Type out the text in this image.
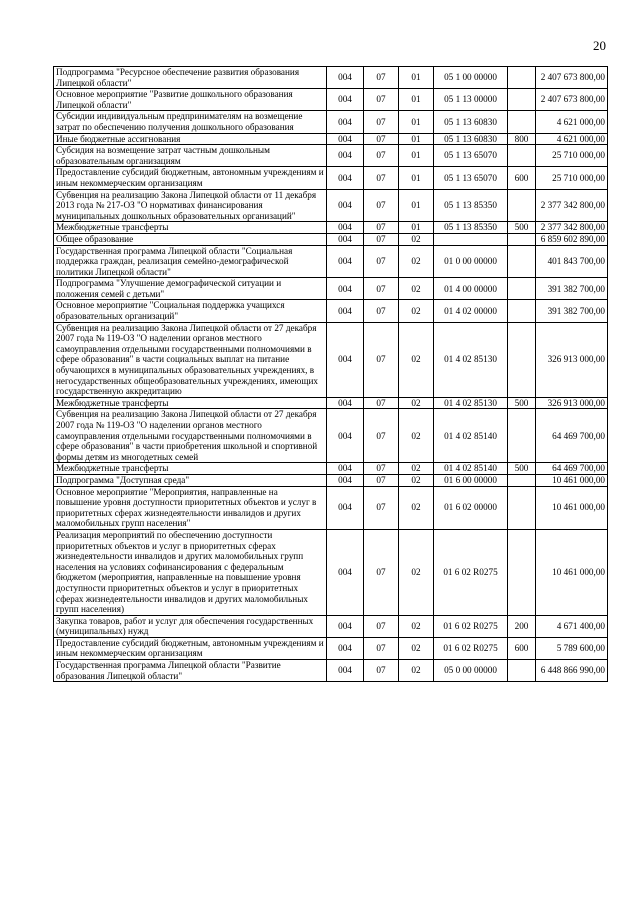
20
Подпрограмма "Ресурсное обеспечение развития образования Липецкой области"	004	07	01	05 1 00 00000		2 407 673 800,00
Основное мероприятие "Развитие дошкольного образования Липецкой области"	004	07	01	05 1 13 00000		2 407 673 800,00
Субсидии индивидуальным предпринимателям на возмещение затрат по обеспечению получения дошкольного образования	004	07	01	05 1 13 60830		4 621 000,00
Иные бюджетные ассигнования	004	07	01	05 1 13 60830	800	4 621 000,00
Субсидия на возмещение затрат частным дошкольным образовательным организациям	004	07	01	05 1 13 65070		25 710 000,00
Предоставление субсидий бюджетным, автономным учреждениям и иным некоммерческим организациям	004	07	01	05 1 13 65070	600	25 710 000,00
Субвенция на реализацию Закона Липецкой области от 11 декабря 2013 года № 217-ОЗ "О нормативах финансирования муниципальных дошкольных образовательных организаций"	004	07	01	05 1 13 85350		2 377 342 800,00
Межбюджетные трансферты	004	07	01	05 1 13 85350	500	2 377 342 800,00
Общее образование	004	07	02			6 859 602 890,00
Государственная программа Липецкой области "Социальная поддержка граждан, реализация семейно-демографической политики Липецкой области"	004	07	02	01 0 00 00000		401 843 700,00
Подпрограмма "Улучшение демографической ситуации и положения семей с детьми"	004	07	02	01 4 00 00000		391 382 700,00
Основное мероприятие "Социальная поддержка учащихся образовательных организаций"	004	07	02	01 4 02 00000		391 382 700,00
Субвенция на реализацию Закона Липецкой области от 27 декабря 2007 года № 119-ОЗ "О наделении органов местного самоуправления отдельными государственными полномочиями в сфере образования" в части социальных выплат на питание обучающихся в муниципальных образовательных учреждениях, в негосударственных общеобразовательных учреждениях, имеющих государственную аккредитацию	004	07	02	01 4 02 85130		326 913 000,00
Межбюджетные трансферты	004	07	02	01 4 02 85130	500	326 913 000,00
Субвенция на реализацию Закона Липецкой области от 27 декабря 2007 года № 119-ОЗ "О наделении органов местного самоуправления отдельными государственными полномочиями в сфере образования" в части приобретения школьной и спортивной формы детям из многодетных семей	004	07	02	01 4 02 85140		64 469 700,00
Межбюджетные трансферты	004	07	02	01 4 02 85140	500	64 469 700,00
Подпрограмма "Доступная среда"	004	07	02	01 6 00 00000		10 461 000,00
Основное мероприятие "Мероприятия, направленные на повышение уровня доступности приоритетных объектов и услуг в приоритетных сферах жизнедеятельности инвалидов и других маломобильных групп населения"	004	07	02	01 6 02 00000		10 461 000,00
Реализация мероприятий по обеспечению доступности приоритетных объектов и услуг в приоритетных сферах жизнедеятельности инвалидов и других маломобильных групп населения на условиях софинансирования с федеральным бюджетом (мероприятия, направленные на повышение уровня доступности приоритетных объектов и услуг в приоритетных сферах жизнедеятельности инвалидов и других маломобильных групп населения)	004	07	02	01 6 02 R0275		10 461 000,00
Закупка товаров, работ и услуг для обеспечения государственных (муниципальных) нужд	004	07	02	01 6 02 R0275	200	4 671 400,00
Предоставление субсидий бюджетным, автономным учреждениям и иным некоммерческим организациям	004	07	02	01 6 02 R0275	600	5 789 600,00
Государственная программа Липецкой области "Развитие образования Липецкой области"	004	07	02	05 0 00 00000		6 448 866 990,00
